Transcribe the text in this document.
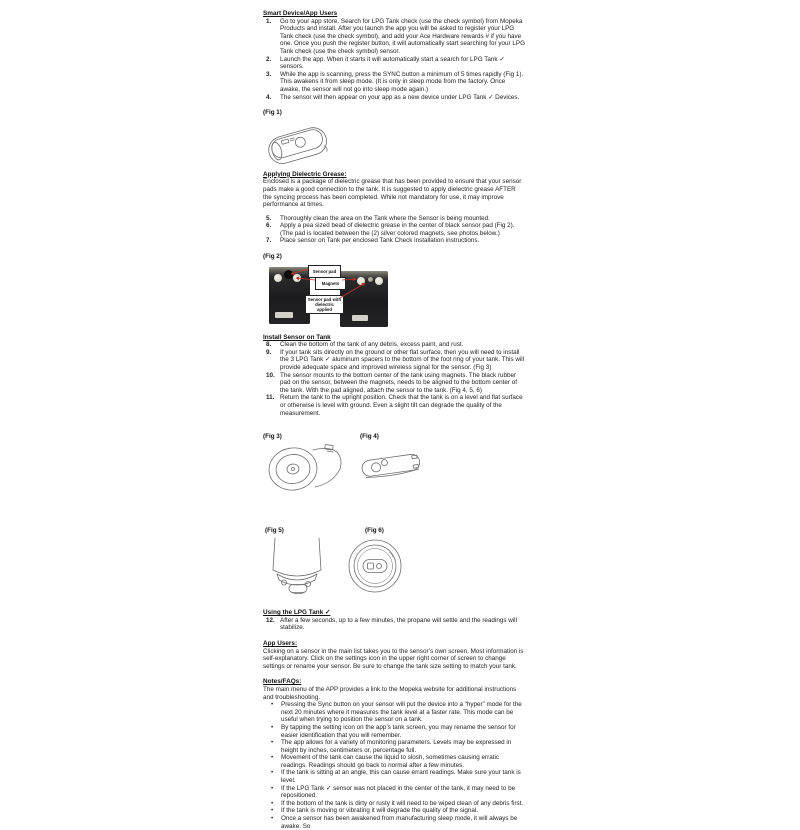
Smart Device/App Users
1. Go to your app store. Search for LPG Tank check (use the check symbol) from Mopeka Products and install. After you launch the app you will be asked to register your LPG Tank check (use the check symbol), and add your Ace Hardware rewards # if you have one. Once you push the register button, it will automatically start searching for your LPG Tank check (use the check symbol) sensor.
2. Launch the app. When it starts it will automatically start a search for LPG Tank ✓ sensors.
3. While the app is scanning, press the SYNC button a minimum of 5 times rapidly (Fig 1). This awakens it from sleep mode. (It is only in sleep mode from the factory. Once awake, the sensor will not go into sleep mode again.)
4. The sensor will then appear on your app as a new device under LPG Tank ✓ Devices.
(Fig 1)
Applying Dielectric Grease:
Enclosed is a package of dielectric grease that has been provided to ensure that your sensor pads make a good connection to the tank. It is suggested to apply dielectric grease AFTER the syncing process has been completed. While not mandatory for use, it may improve performance at times.
5. Thoroughly clean the area on the Tank where the Sensor is being mounted.
6. Apply a pea sized bead of dielectric grease in the center of black sensor pad (Fig 2). (The pad is located between the (2) silver colored magnets, see photos below.)
7. Place sensor on Tank per enclosed Tank Check installation instructions.
(Fig 2)
Sensor pad
Magnets
Sensor pad with dielectric applied
Install Sensor on Tank
8. Clean the bottom of the tank of any debris, excess paint, and rust.
9. If your tank sits directly on the ground or other flat surface, then you will need to install the 3 LPG Tank ✓ aluminum spacers to the bottom of the foot ring of your tank. This will provide adequate space and improved wireless signal for the sensor. (Fig 3)
10. The sensor mounts to the bottom center of the tank using magnets. The black rubber pad on the sensor, between the magnets, needs to be aligned to the bottom center of the tank. With the pad aligned, attach the sensor to the tank. (Fig 4, 5, 6)
11. Return the tank to the upright position. Check that the tank is on a level and flat surface or otherwise is level with ground. Even a slight tilt can degrade the quality of the measurement.
(Fig 3)	(Fig 4)
(Fig 5)	(Fig 6)
Using the LPG Tank ✓
12. After a few seconds, up to a few minutes, the propane will settle and the readings will stabilize.
App Users:
Clicking on a sensor in the main list takes you to the sensor’s own screen. Most information is self-explanatory. Click on the settings icon in the upper right corner of screen to change settings or rename your sensor. Be sure to change the tank size setting to match your tank.
Notes/FAQs:
The main menu of the APP provides a link to the Mopeka website for additional instructions and troubleshooting.
• Pressing the Sync button on your sensor will put the device into a “hyper” mode for the next 20 minutes where it measures the tank level at a faster rate. This mode can be useful when trying to position the sensor on a tank.
• By tapping the setting icon on the app’s tank screen, you may rename the sensor for easier identification that you will remember.
• The app allows for a variety of monitoring parameters. Levels may be expressed in height by inches, centimeters or, percentage full.
• Movement of the tank can cause the liquid to slosh, sometimes causing erratic readings. Readings should go back to normal after a few minutes.
• If the tank is sitting at an angle, this can cause errant readings. Make sure your tank is level.
• If the LPG Tank ✓ sensor was not placed in the center of the tank, it may need to be repositioned.
• If the bottom of the tank is dirty or rusty it will need to be wiped clean of any debris first.
• If the tank is moving or vibrating it will degrade the quality of the signal.
• Once a sensor has been awakened from manufacturing sleep mode, it will always be awake. So
